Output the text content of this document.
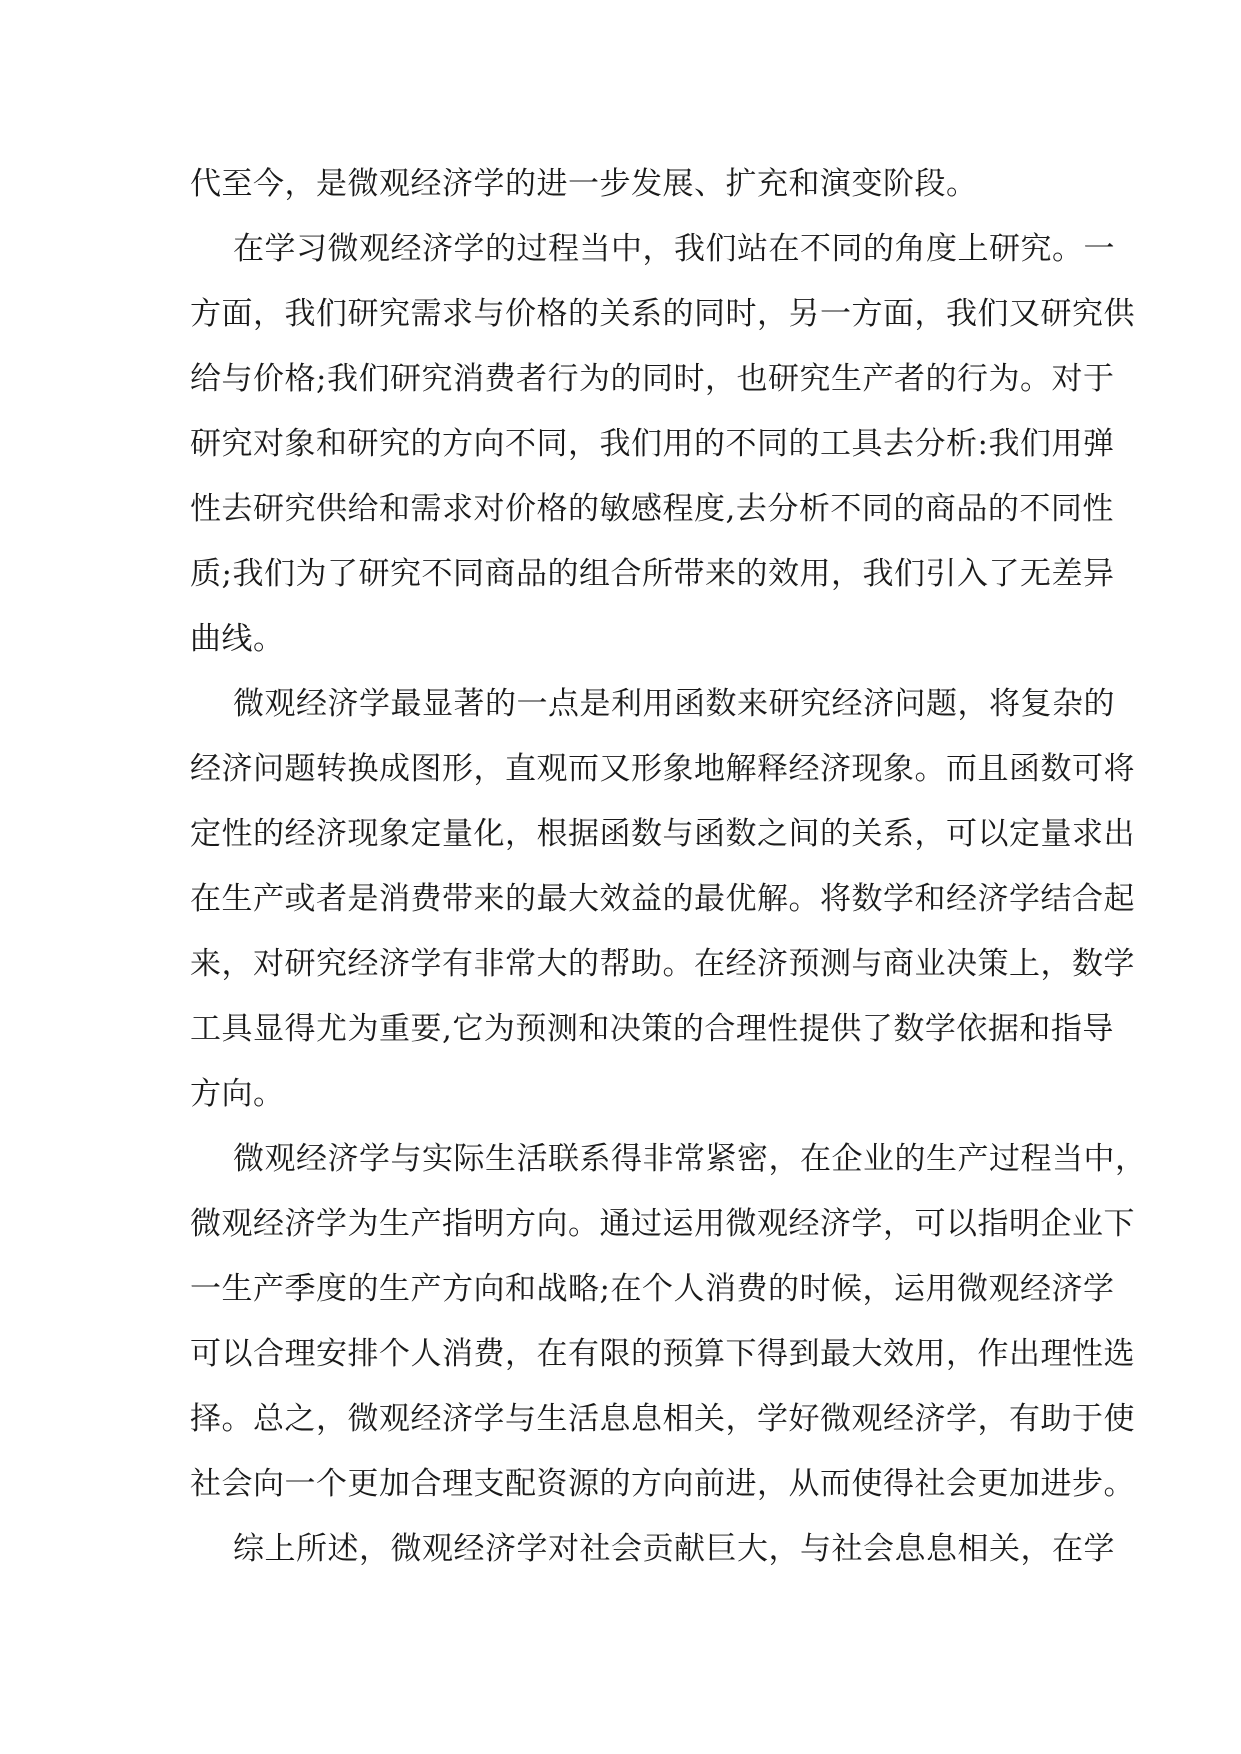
代至今，是微观经济学的进一步发展、扩充和演变阶段。
在学习微观经济学的过程当中，我们站在不同的角度上研究。一
方面，我们研究需求与价格的关系的同时，另一方面，我们又研究供
给与价格;我们研究消费者行为的同时，也研究生产者的行为。对于
研究对象和研究的方向不同，我们用的不同的工具去分析:我们用弹
性去研究供给和需求对价格的敏感程度,去分析不同的商品的不同性
质;我们为了研究不同商品的组合所带来的效用，我们引入了无差异
曲线。
微观经济学最显著的一点是利用函数来研究经济问题，将复杂的
经济问题转换成图形，直观而又形象地解释经济现象。而且函数可将
定性的经济现象定量化，根据函数与函数之间的关系，可以定量求出
在生产或者是消费带来的最大效益的最优解。将数学和经济学结合起
来，对研究经济学有非常大的帮助。在经济预测与商业决策上，数学
工具显得尤为重要,它为预测和决策的合理性提供了数学依据和指导
方向。
微观经济学与实际生活联系得非常紧密，在企业的生产过程当中，
微观经济学为生产指明方向。通过运用微观经济学，可以指明企业下
一生产季度的生产方向和战略;在个人消费的时候，运用微观经济学
可以合理安排个人消费，在有限的预算下得到最大效用，作出理性选
择。总之，微观经济学与生活息息相关，学好微观经济学，有助于使
社会向一个更加合理支配资源的方向前进，从而使得社会更加进步。
综上所述，微观经济学对社会贡献巨大，与社会息息相关，在学
